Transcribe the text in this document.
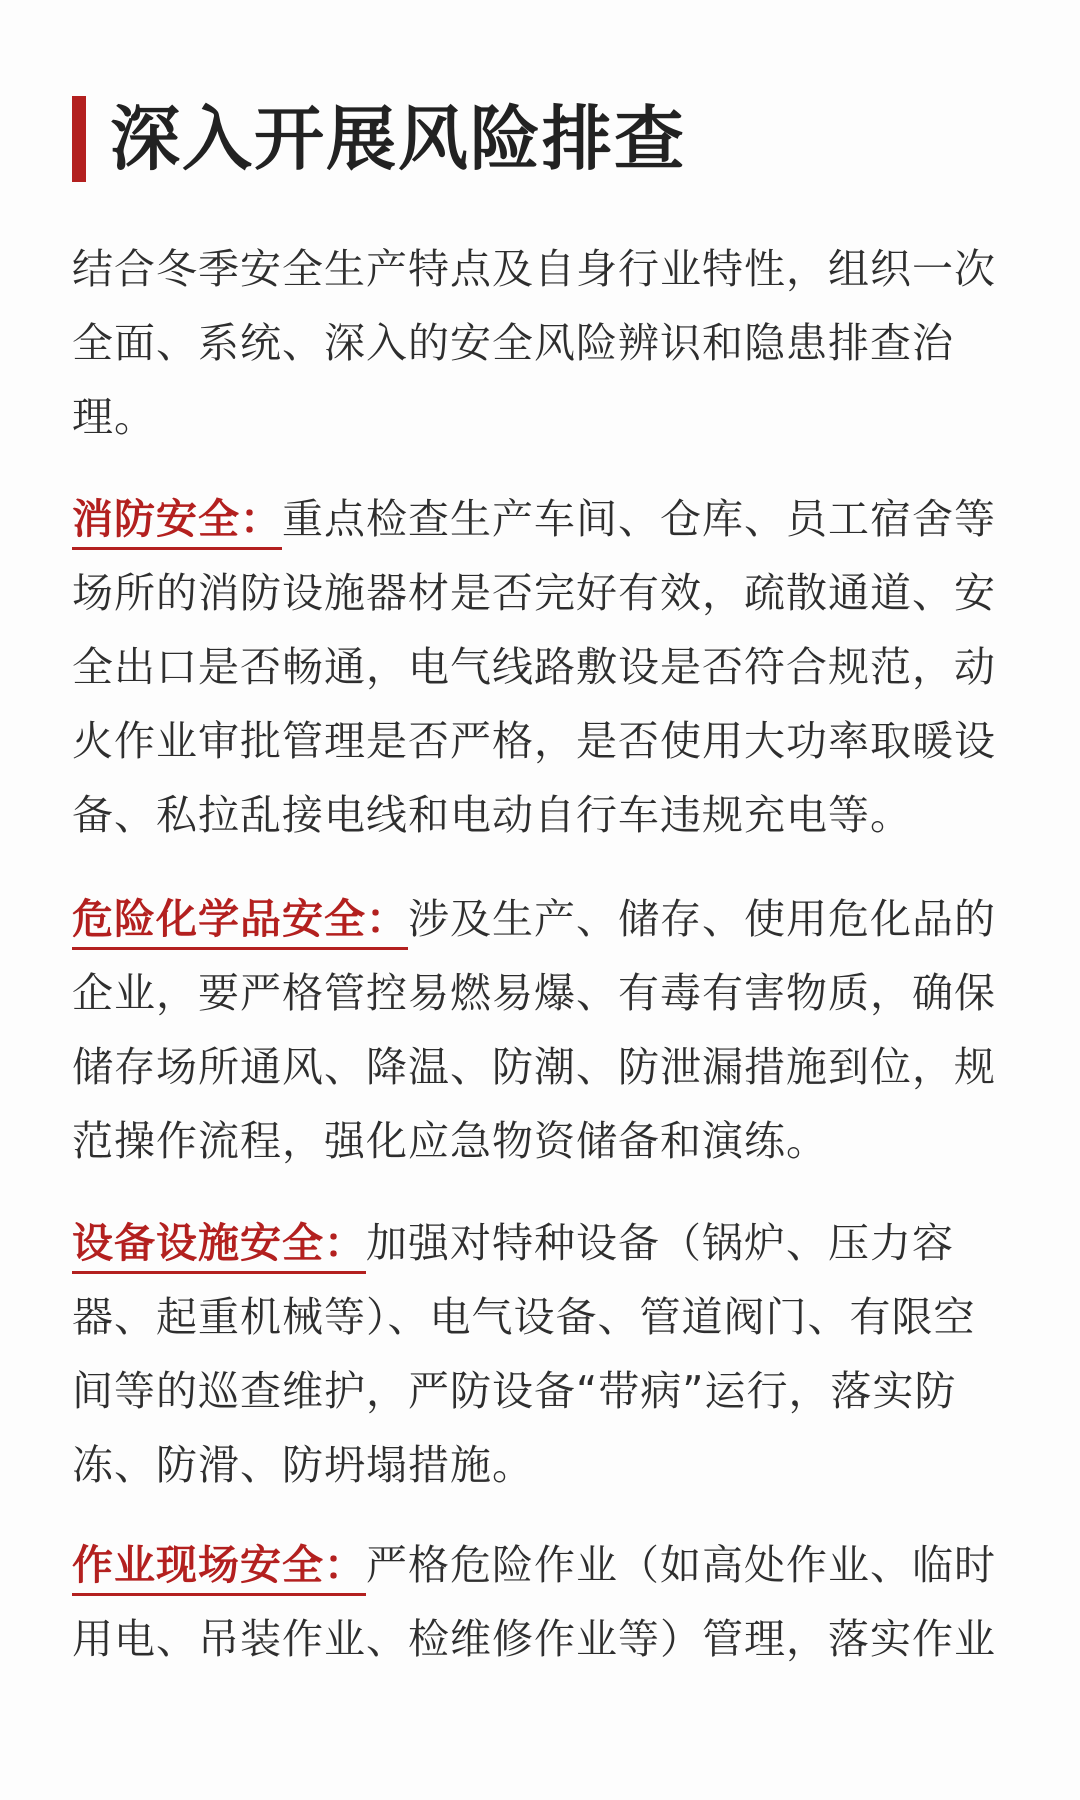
深入开展风险排查

结合冬季安全生产特点及自身行业特性，组织一次全面、系统、深入的安全风险辨识和隐患排查治理。

消防安全：重点检查生产车间、仓库、员工宿舍等场所的消防设施器材是否完好有效，疏散通道、安全出口是否畅通，电气线路敷设是否符合规范，动火作业审批管理是否严格，是否使用大功率取暖设备、私拉乱接电线和电动自行车违规充电等。

危险化学品安全：涉及生产、储存、使用危化品的企业，要严格管控易燃易爆、有毒有害物质，确保储存场所通风、降温、防潮、防泄漏措施到位，规范操作流程，强化应急物资储备和演练。

设备设施安全：加强对特种设备（锅炉、压力容器、起重机械等）、电气设备、管道阀门、有限空间等的巡查维护，严防设备“带病”运行，落实防冻、防滑、防坍塌措施。

作业现场安全：严格危险作业（如高处作业、临时用电、吊装作业、检维修作业等）管理，落实作业
